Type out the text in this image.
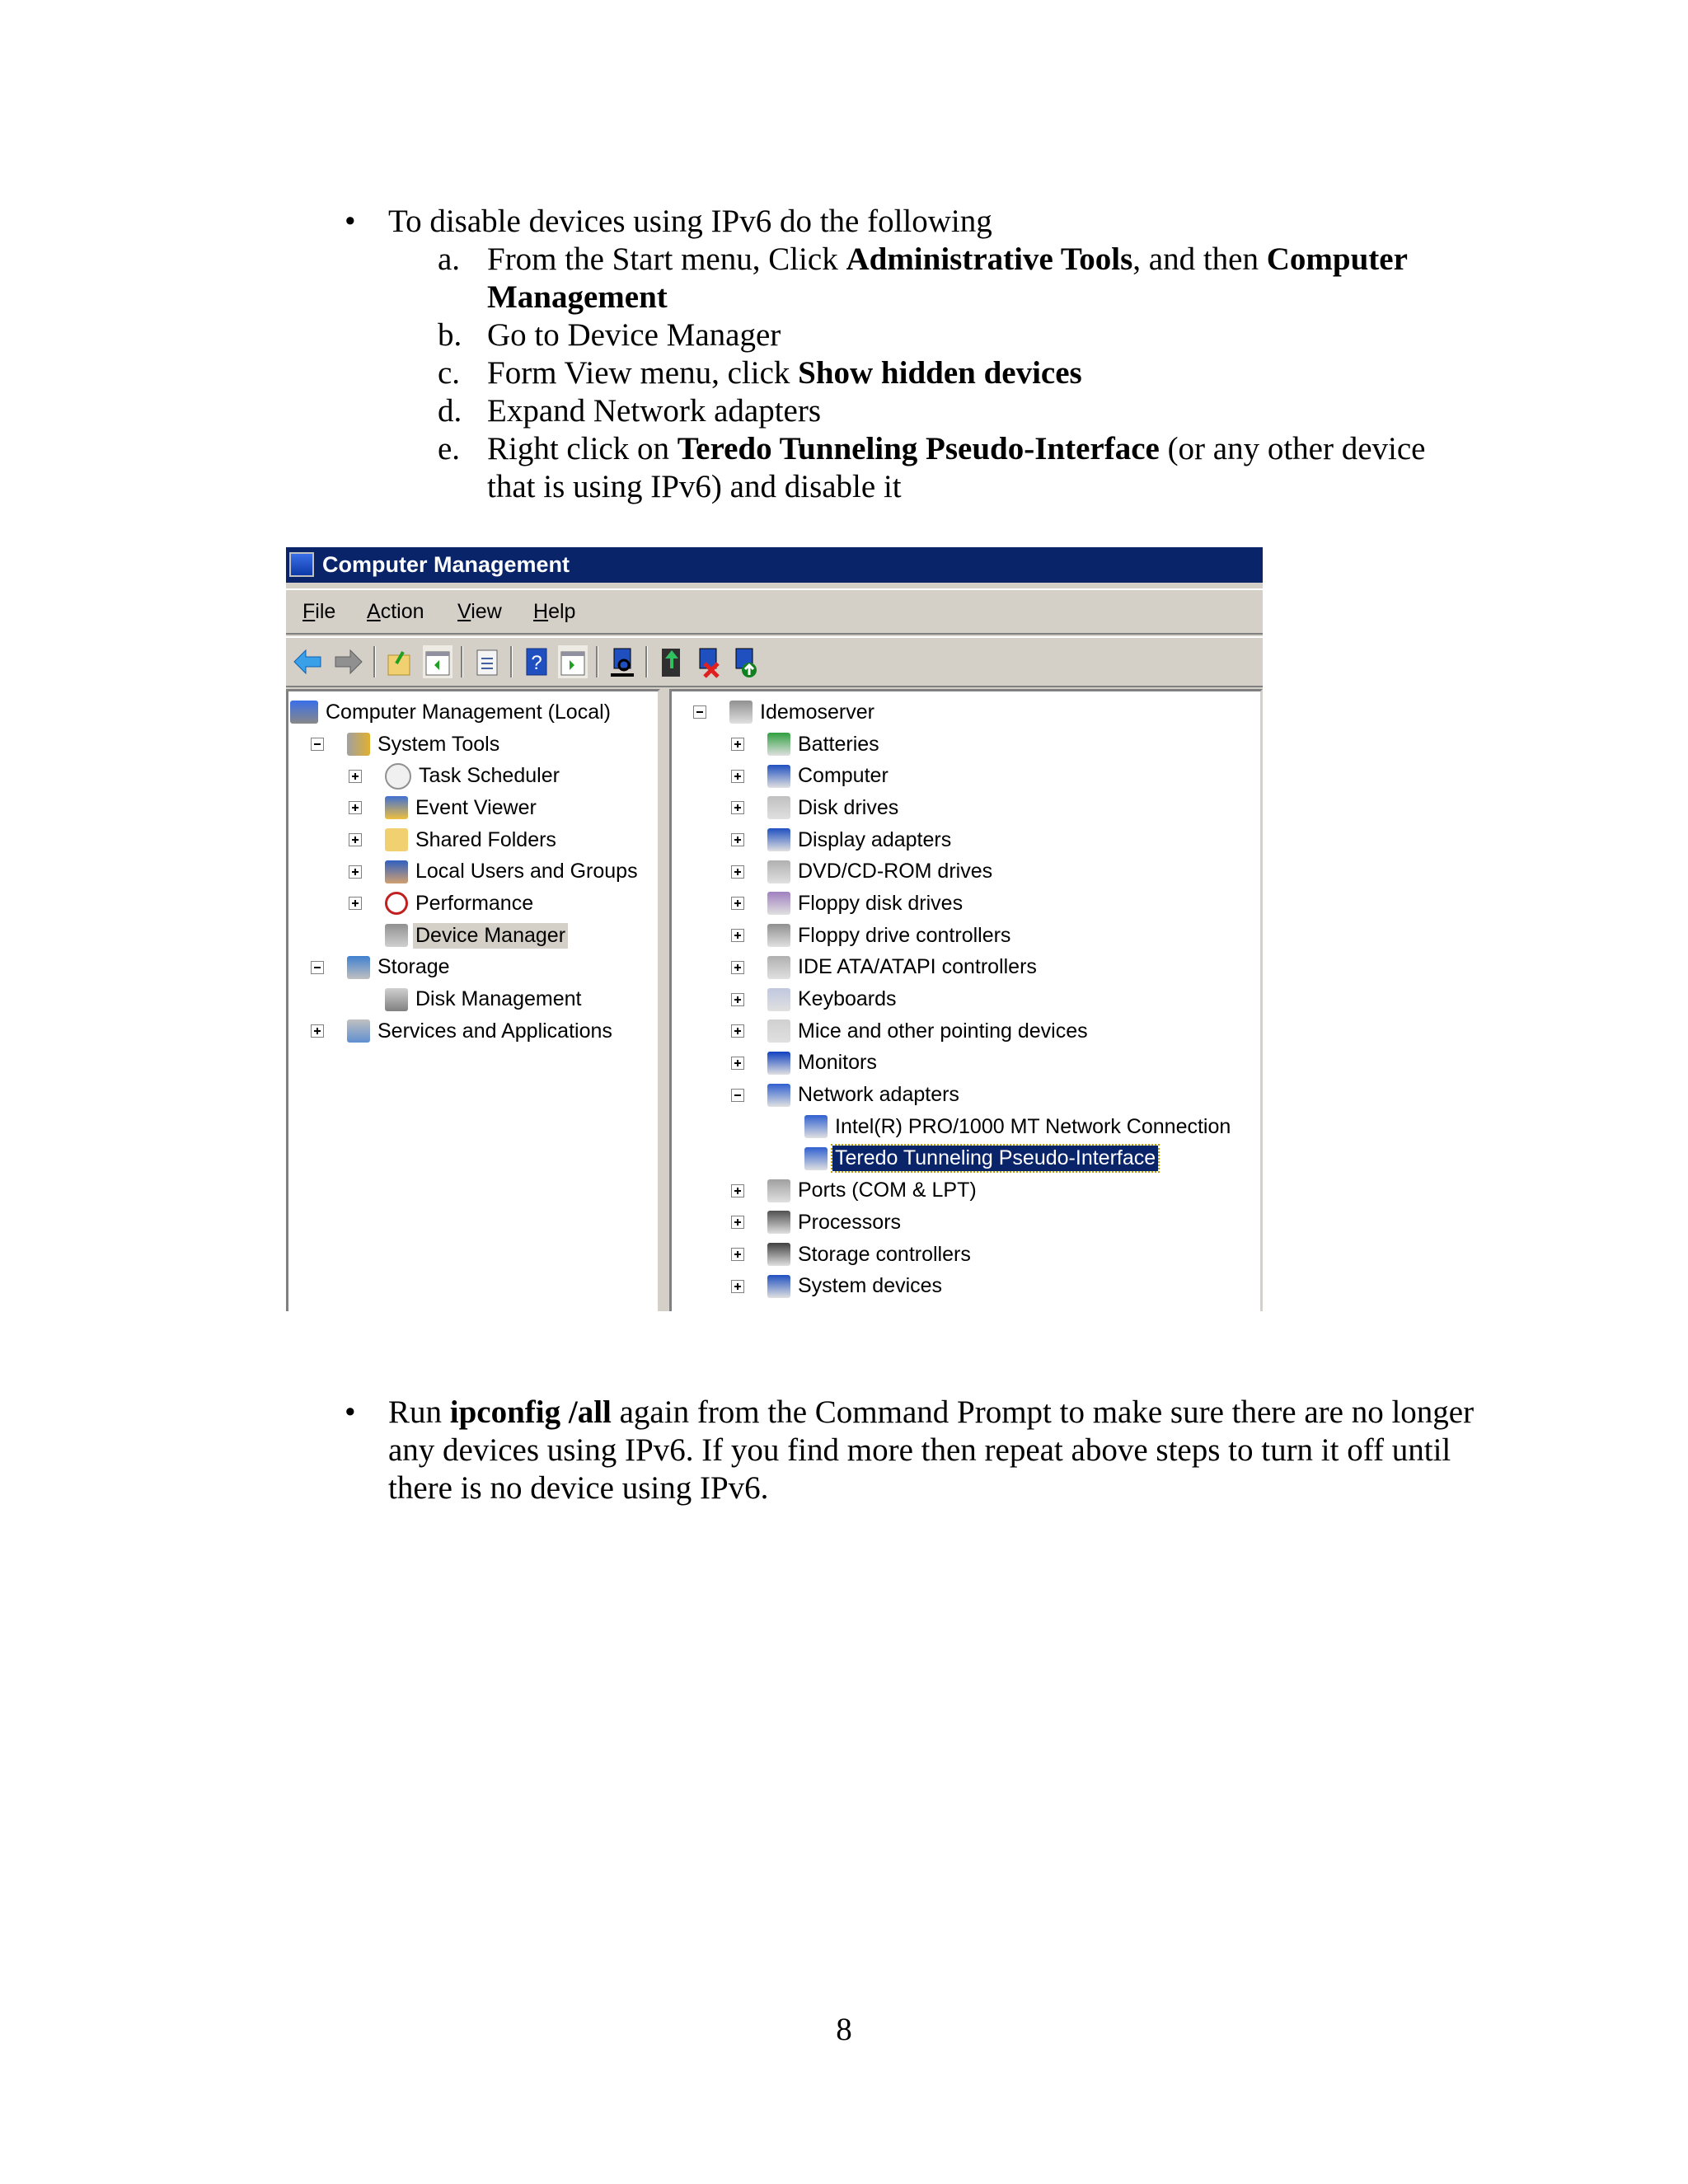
•	To disable devices using IPv6 do the following
a. From the Start menu, Click Administrative Tools, and then Computer Management
b. Go to Device Manager
c. Form View menu, click Show hidden devices
d. Expand Network adapters
e. Right click on Teredo Tunneling Pseudo-Interface (or any other device that is using IPv6) and disable it
•	Run ipconfig /all again from the Command Prompt to make sure there are no longer any devices using IPv6. If you find more then repeat above steps to turn it off until there is no device using IPv6.
8
Computer Management
File Action View Help
?
Computer Management (Local)
System Tools
Task Scheduler
Event Viewer
Shared Folders
Local Users and Groups
Performance
Device Manager
Storage
Disk Management
Services and Applications
Idemoserver
Batteries
Computer
Disk drives
Display adapters
DVD/CD-ROM drives
Floppy disk drives
Floppy drive controllers
IDE ATA/ATAPI controllers
Keyboards
Mice and other pointing devices
Monitors
Network adapters
Intel(R) PRO/1000 MT Network Connection
Teredo Tunneling Pseudo-Interface
Ports (COM & LPT)
Processors
Storage controllers
System devices
